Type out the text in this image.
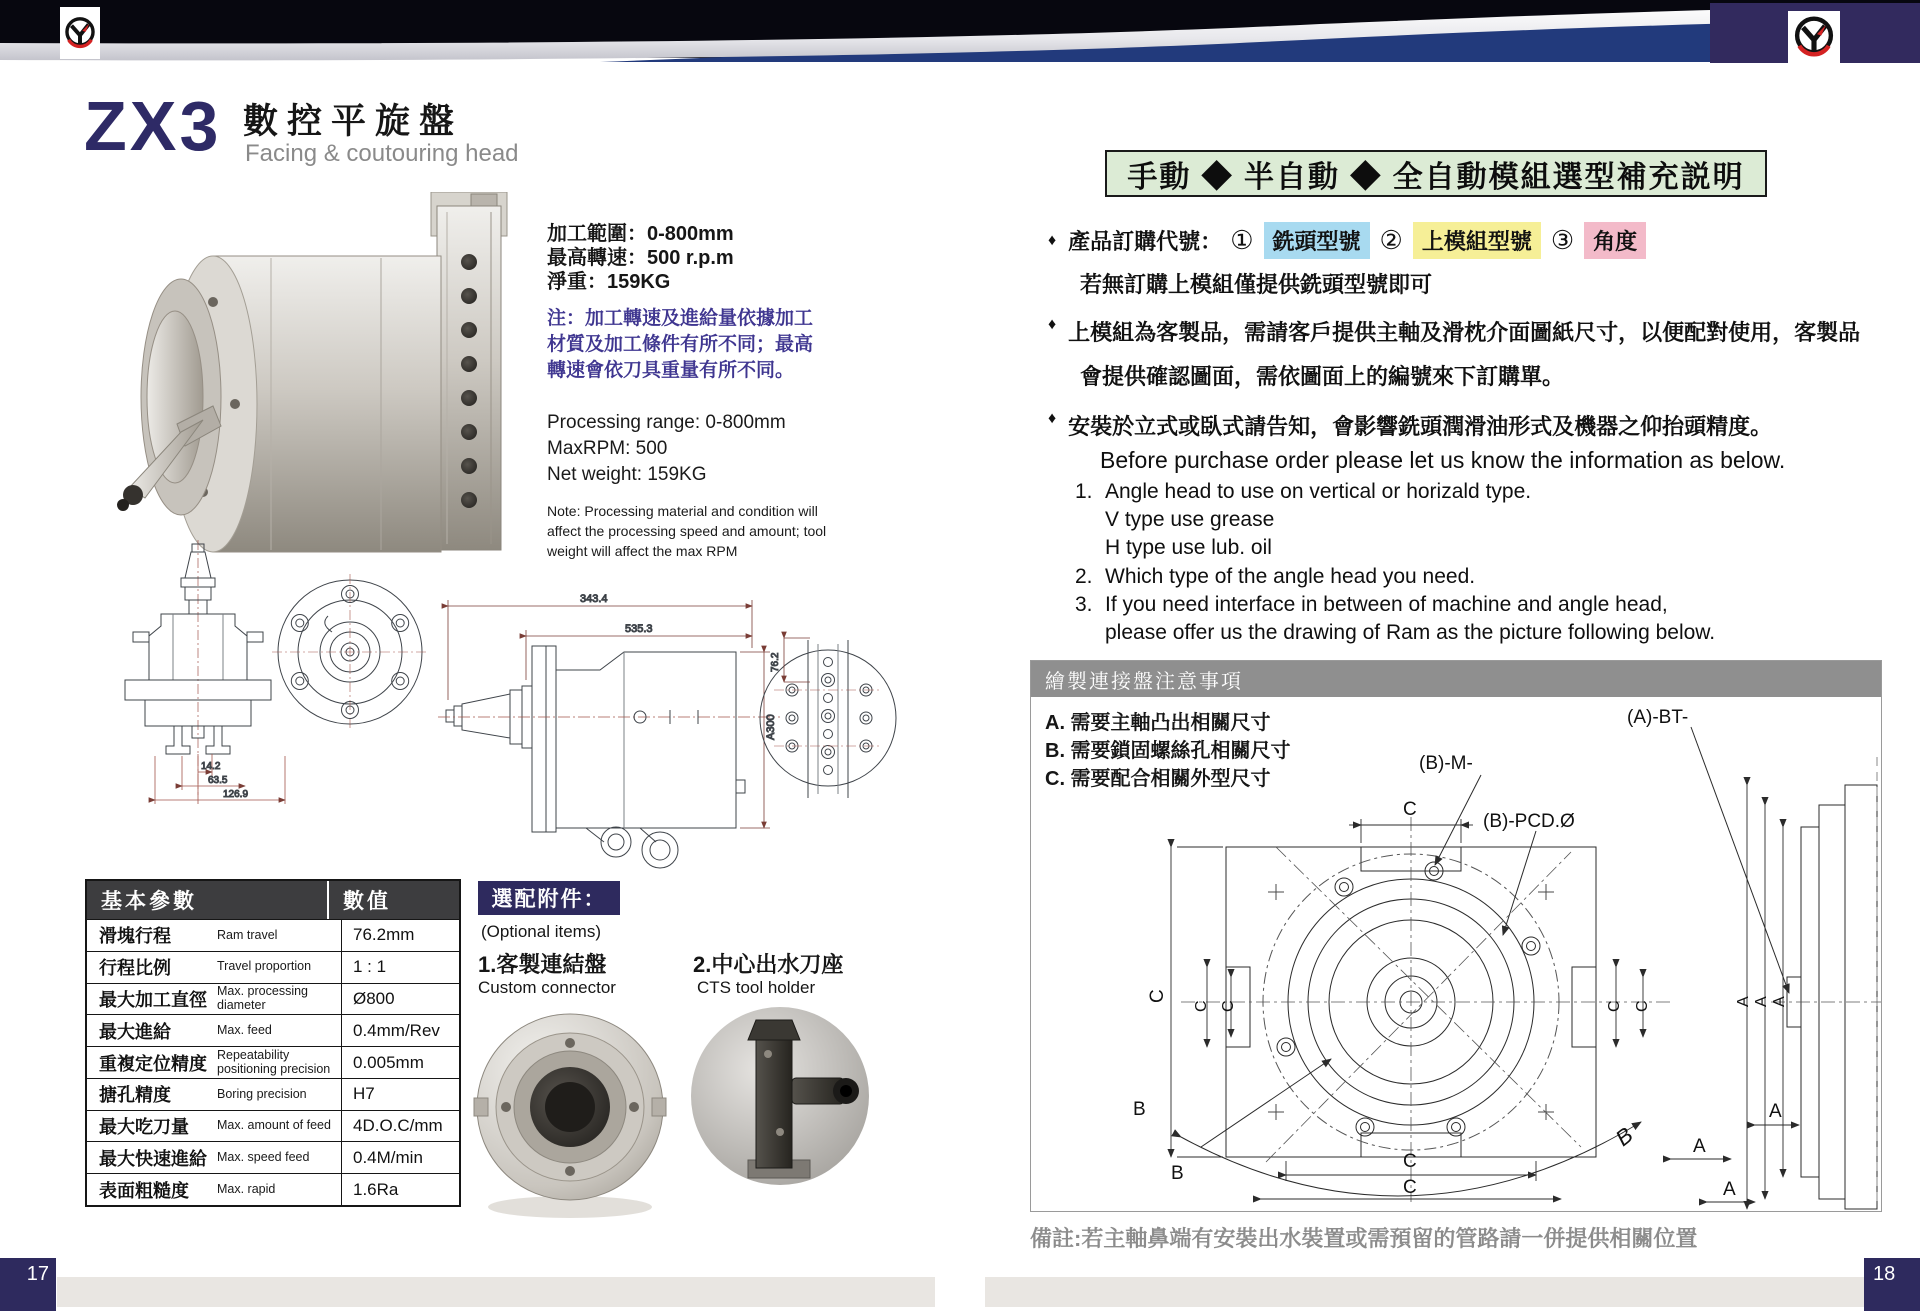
ZX3 數控平旋盤
Facing & coutouring head
加工範圍：0-800mm
最高轉速：500 r.p.m
淨重：159KG
注：加工轉速及進給量依據加工
材質及加工條件有所不同；最高
轉速會依刀具重量有所不同。
Processing range: 0-800mm
MaxRPM: 500
Net weight: 159KG
Note: Processing material and condition will
affect the processing speed and amount; tool
weight will affect the max RPM
14.2
63.5
126.9
343.4
535.3
A300
76.2
基本參數	數值
滑塊行程	Ram travel	76.2mm
行程比例	Travel proportion	1 : 1
最大加工直徑 Max. processing diameter	Ø800
最大進給	Max. feed	0.4mm/Rev
重複定位精度 Repeatability positioning precision	0.005mm
搪孔精度	Boring precision	H7
最大吃刀量	Max. amount of feed	4D.O.C/mm
最大快速進給 Max. speed feed	0.4M/min
表面粗糙度	Max. rapid	1.6Ra
選配附件：
(Optional items)
1.客製連結盤
Custom connector
2.中心出水刀座
CTS tool holder
手動 ◆ 半自動 ◆ 全自動模組選型補充説明
♦ 產品訂購代號： ① 銑頭型號 ② 上模組型號 ③ 角度
若無訂購上模組僅提供銑頭型號即可
♦ 上模組為客製品，需請客戶提供主軸及滑枕介面圖紙尺寸，以便配對使用，客製品
會提供確認圖面，需依圖面上的編號來下訂購單。
♦ 安裝於立式或臥式請告知，會影響銑頭潤滑油形式及機器之仰抬頭精度。
Before purchase order please let us know the information as below.
1. Angle head to use on vertical or horizald type.
V type use grease
H type use lub. oil
2. Which type of the angle head you need.
3. If you need interface in between of machine and angle head,
please offer us the drawing of Ram as the picture following below.
繪製連接盤注意事項
A. 需要主軸凸出相關尺寸
B. 需要鎖固螺絲孔相關尺寸
C. 需要配合相關外型尺寸
(B)-M-
(B)-PCD.Ø
(A)-BT-
C
C
C C	C C
C
C
B
B
B
A
A
A
A
A
A
備註:若主軸鼻端有安裝出水裝置或需預留的管路請一併提供相關位置
17	18
